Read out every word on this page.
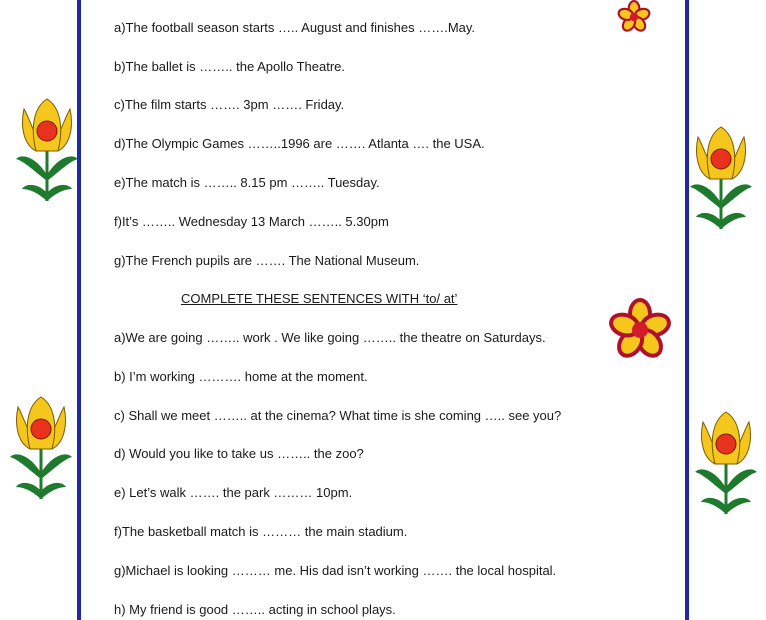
a)The football season starts ….. August and finishes …….May.
b)The ballet is …….. the Apollo Theatre.
c)The film starts ……. 3pm ……. Friday.
d)The Olympic Games ……..1996 are ……. Atlanta …. the USA.
e)The match is …….. 8.15 pm …….. Tuesday.
f)It’s …….. Wednesday 13 March …….. 5.30pm
g)The French pupils are ……. The National Museum.
COMPLETE THESE SENTENCES WITH ‘to/ at’
a)We are going …….. work . We like going …….. the theatre on Saturdays.
b) I’m working ………. home at the moment.
c) Shall we meet …….. at the cinema? What time is she coming ….. see you?
d) Would you like to take us …….. the zoo?
e) Let’s walk ……. the park ……… 10pm.
f)The basketball match is ……… the main stadium.
g)Michael is looking ……… me. His dad isn’t working ……. the local hospital.
h) My friend is good …….. acting in school plays.
